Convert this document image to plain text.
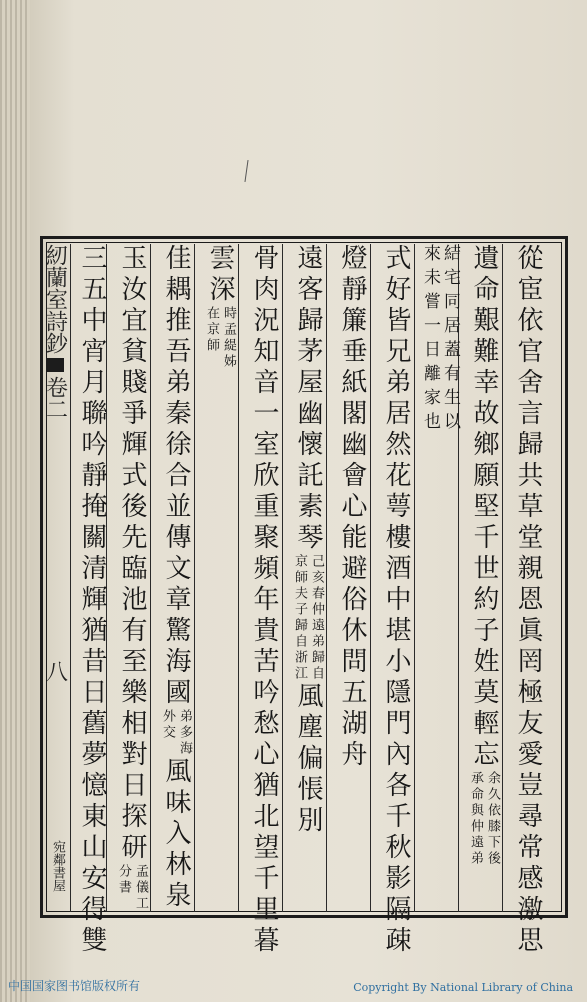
從宦依官舍言歸共草堂親恩眞罔極友愛豈尋常感激思
遺命艱難幸故鄉願堅千世約子姓莫輕忘
余久依膝下後
承命與仲遠弟
結宅同居蓋有生以
來未嘗一日離家也
式好皆兄弟居然花萼樓酒中堪小隱門內各千秋影隔疎
燈靜簾垂紙閣幽會心能避俗休問五湖舟
遠客歸茅屋幽懷託素琴
己亥春仲遠弟歸自
京師夫子歸自浙江
風塵偏悵別
骨肉況知音一室欣重聚頻年貴苦吟愁心猶北望千里暮
雲深
時孟緹姊
在京師
佳耦推吾弟秦徐合並傳文章驚海國
弟多海
外交
風味入林泉
玉汝宜貧賤爭輝式後先臨池有至樂相對日探研
孟儀工
分書
三五中宵月聯吟靜掩關清輝猶昔日舊夢憶東山安得雙
紉蘭室詩鈔
卷二
八
宛鄰書屋
中国国家图书馆版权所有	Copyright By National Library of China
